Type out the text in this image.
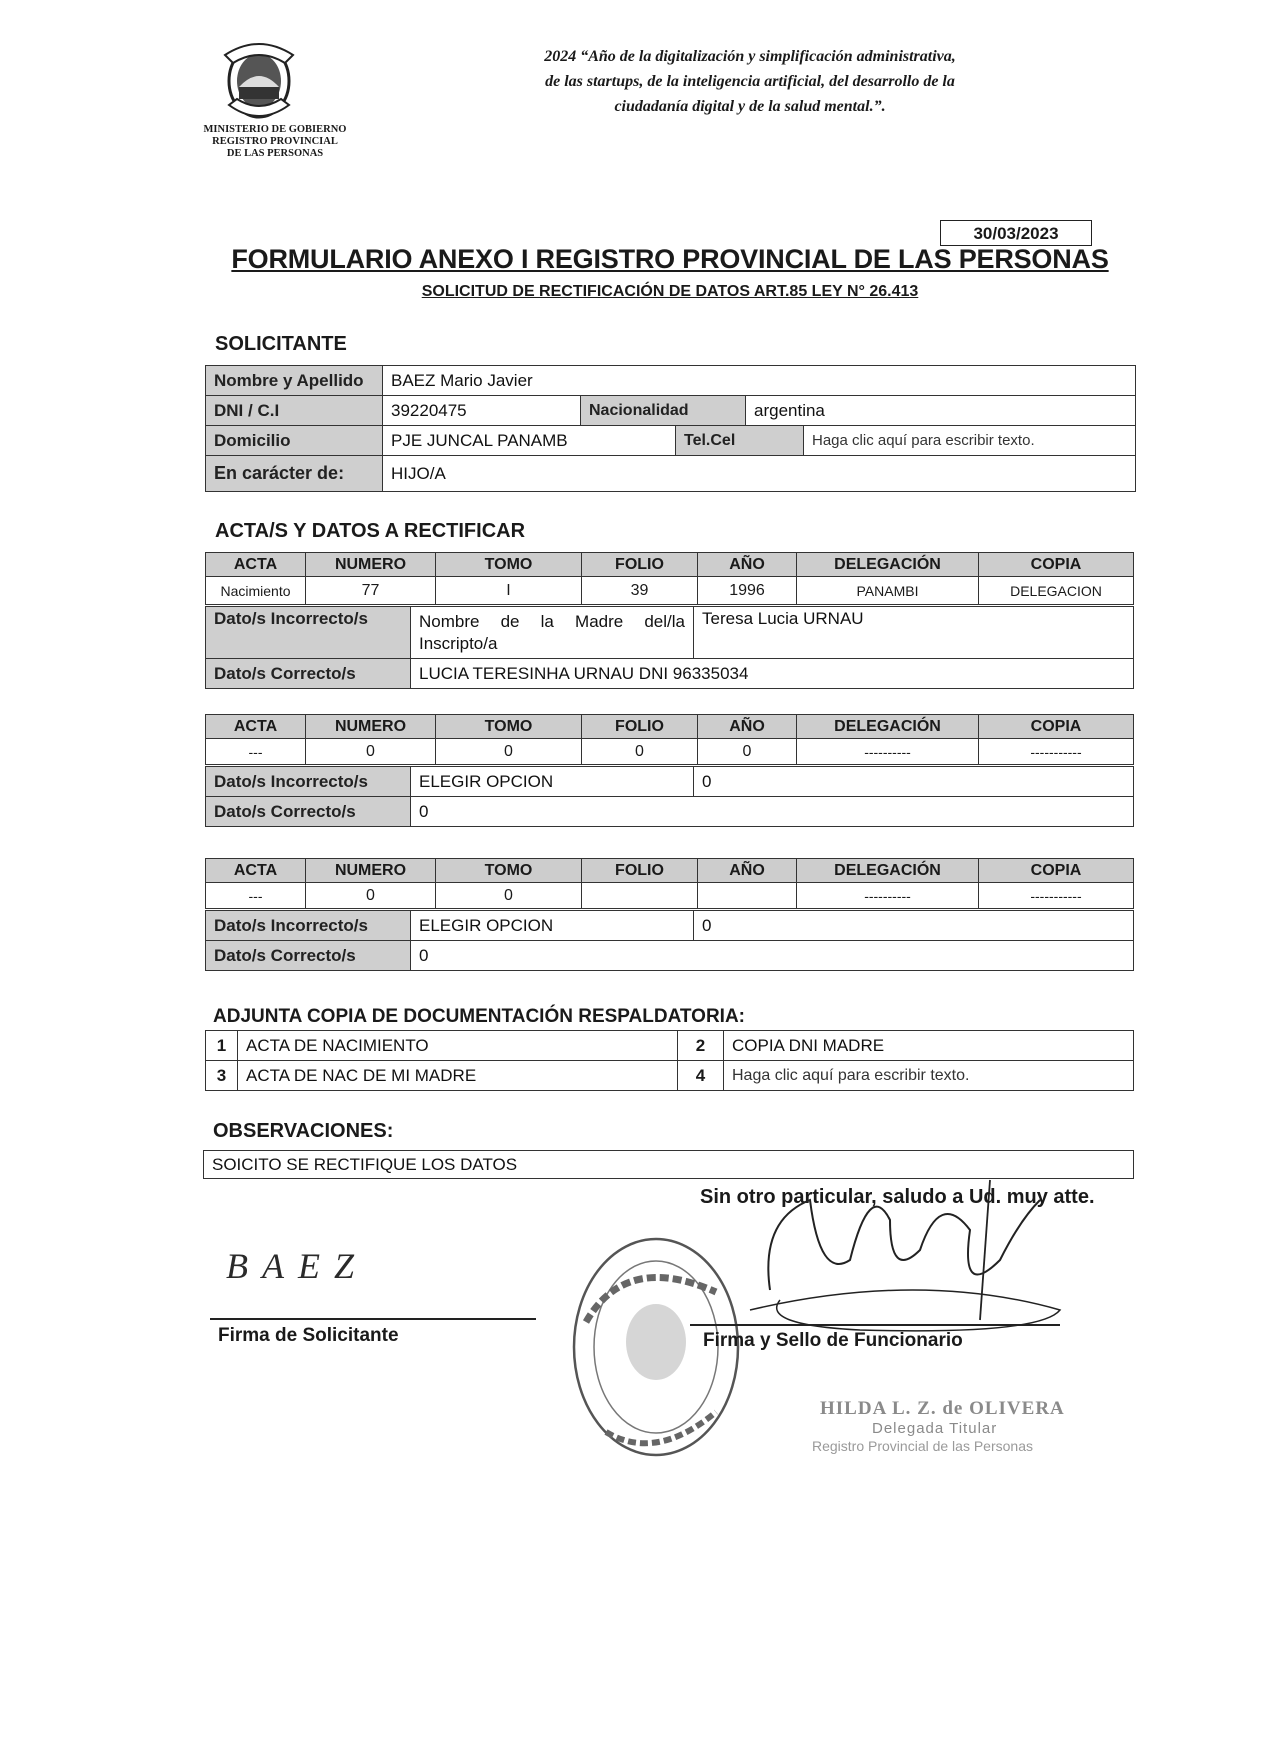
MINISTERIO DE GOBIERNO
REGISTRO PROVINCIAL
DE LAS PERSONAS
2024 “Año de la digitalización y simplificación administrativa,
de las startups, de la inteligencia artificial, del desarrollo de la
ciudadanía digital y de la salud mental.”.
30/03/2023
FORMULARIO ANEXO I REGISTRO PROVINCIAL DE LAS PERSONAS
SOLICITUD DE RECTIFICACIÓN DE DATOS ART.85 LEY N° 26.413
SOLICITANTE
Nombre y Apellido	BAEZ Mario Javier				
DNI / C.I	39220475	Nacionalidad		argentina	
Domicilio	PJE JUNCAL PANAMB		Tel.Cel		Haga clic aquí para escribir texto.
En carácter de:	HIJO/A				
ACTA/S Y DATOS A RECTIFICAR
ACTA	NUMERO	TOMO	FOLIO	AÑO	DELEGACIÓN	COPIA
Nacimiento	77	I	39	1996	PANAMBI	DELEGACION
Dato/s Incorrecto/s	Nombre de la Madre del/la Inscripto/a	Teresa Lucia URNAU
Dato/s Correcto/s	LUCIA TERESINHA URNAU DNI 96335034	
ACTA	NUMERO	TOMO	FOLIO	AÑO	DELEGACIÓN	COPIA
---	0	0	0	0	----------	-----------
Dato/s Incorrecto/s	ELEGIR OPCION	0
Dato/s Correcto/s	0	
ACTA	NUMERO	TOMO	FOLIO	AÑO	DELEGACIÓN	COPIA
---	0	0			----------	-----------
Dato/s Incorrecto/s	ELEGIR OPCION	0
Dato/s Correcto/s	0	
ADJUNTA COPIA DE DOCUMENTACIÓN RESPALDATORIA:
1	ACTA DE NACIMIENTO	2	COPIA DNI MADRE
3	ACTA DE NAC DE MI MADRE	4	Haga clic aquí para escribir texto.
OBSERVACIONES:
SOICITO SE RECTIFIQUE LOS DATOS
Sin otro particular, saludo a Ud. muy atte.
BAEZ
Firma de Solicitante	Firma y Sello de Funcionario
HILDA L. Z. de OLIVERA
Delegada Titular
Registro Provincial de las Personas
